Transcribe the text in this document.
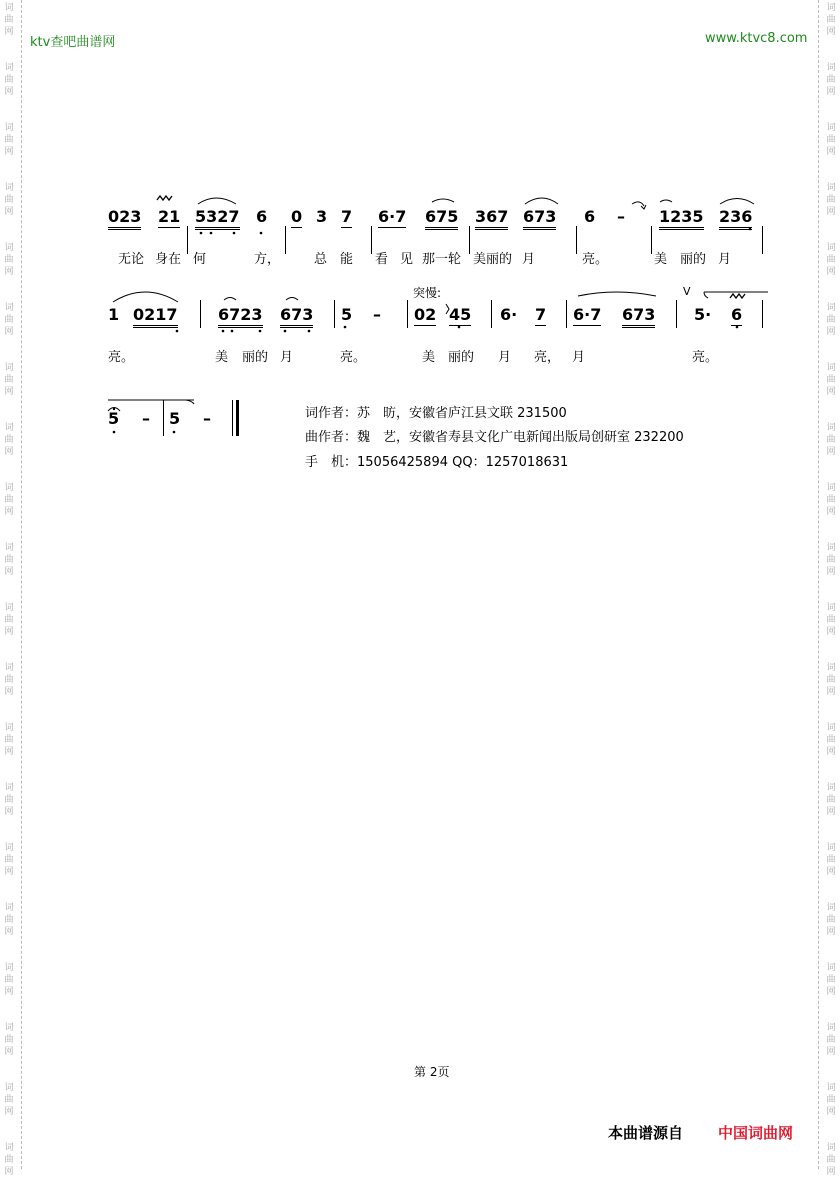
词曲网
词曲网
词曲网
词曲网
词曲网
词曲网
词曲网
词曲网
词曲网
词曲网
词曲网
词曲网
词曲网
词曲网
词曲网
词曲网
词曲网
词曲网
词曲网
词曲网
词曲网
词曲网
词曲网
词曲网
词曲网
词曲网
词曲网
词曲网
词曲网
词曲网
词曲网
词曲网
词曲网
词曲网
词曲网
词曲网
词曲网
词曲网
词曲网
词曲网
ktv查吧曲谱网	www.ktvc8.com
023 21 5327 6 0 3 7 6·7 675 367 673 6 – 1235 236
无论 身在 何	方，	总 能 看 见 那一轮 美丽的 月	亮。	美 丽的 月
突慢:	V
1 0217	6723 673 5 – 02 45 6· 7 6·7 673 5· 6
亮。	美 丽的 月	亮。	美 丽的 月 亮， 月	亮。
5 – 5 –	词作者：苏　昉，安徽省庐江县文联 231500
曲作者：魏　艺，安徽省寿县文化广电新闻出版局创研室 232200
手　机：15056425894 QQ：1257018631
第 2页
本曲谱源自 中国词曲网
